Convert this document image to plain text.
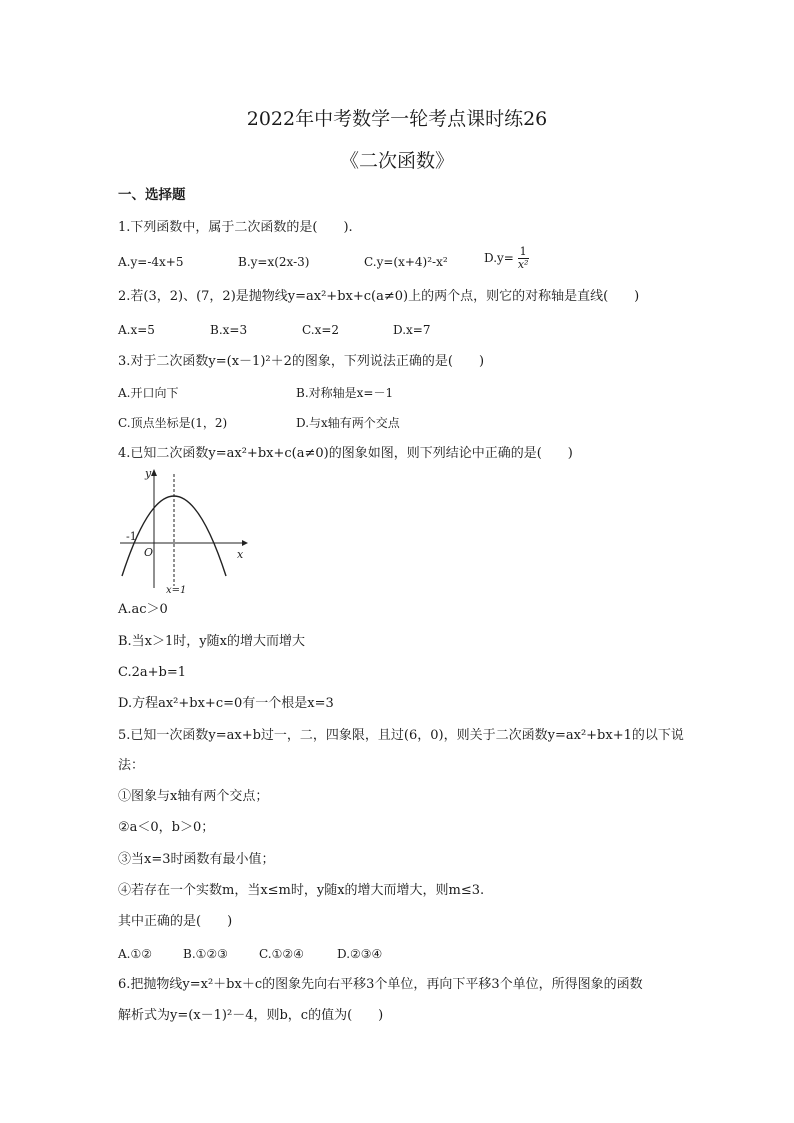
2022年中考数学一轮考点课时练26
《二次函数》
一、选择题
1.下列函数中，属于二次函数的是(　　).
A.y=-4x+5	B.y=x(2x-3)	C.y=(x+4)²-x²	$D.y= \frac{1}{\text{x²}}$
2.若(3，2)、(7，2)是抛物线y=ax²+bx+c(a≠0)上的两个点，则它的对称轴是直线(　　)
A.x=5	B.x=3	C.x=2	D.x=7
3.对于二次函数y=(x－1)²＋2的图象，下列说法正确的是(　　)
A.开口向下	B.对称轴是x=－1
C.顶点坐标是(1，2)	D.与x轴有两个交点
4.已知二次函数y=ax²+bx+c(a≠0)的图象如图，则下列结论中正确的是(　　)
y
x
O
-1
x=1
A.ac＞0
B.当x＞1时，y随x的增大而增大
C.2a+b=1
D.方程ax²+bx+c=0有一个根是x=3
5.已知一次函数y=ax+b过一，二，四象限，且过(6，0)，则关于二次函数y=ax²+bx+1的以下说
法：
①图象与x轴有两个交点；
②a＜0，b＞0；
③当x=3时函数有最小值；
④若存在一个实数m，当x≤m时，y随x的增大而增大，则m≤3.
其中正确的是(　　)
A.①②	B.①②③	C.①②④	D.②③④
6.把抛物线y=x²＋bx＋c的图象先向右平移3个单位，再向下平移3个单位，所得图象的函数
解析式为y=(x－1)²－4，则b，c的值为(　　)
